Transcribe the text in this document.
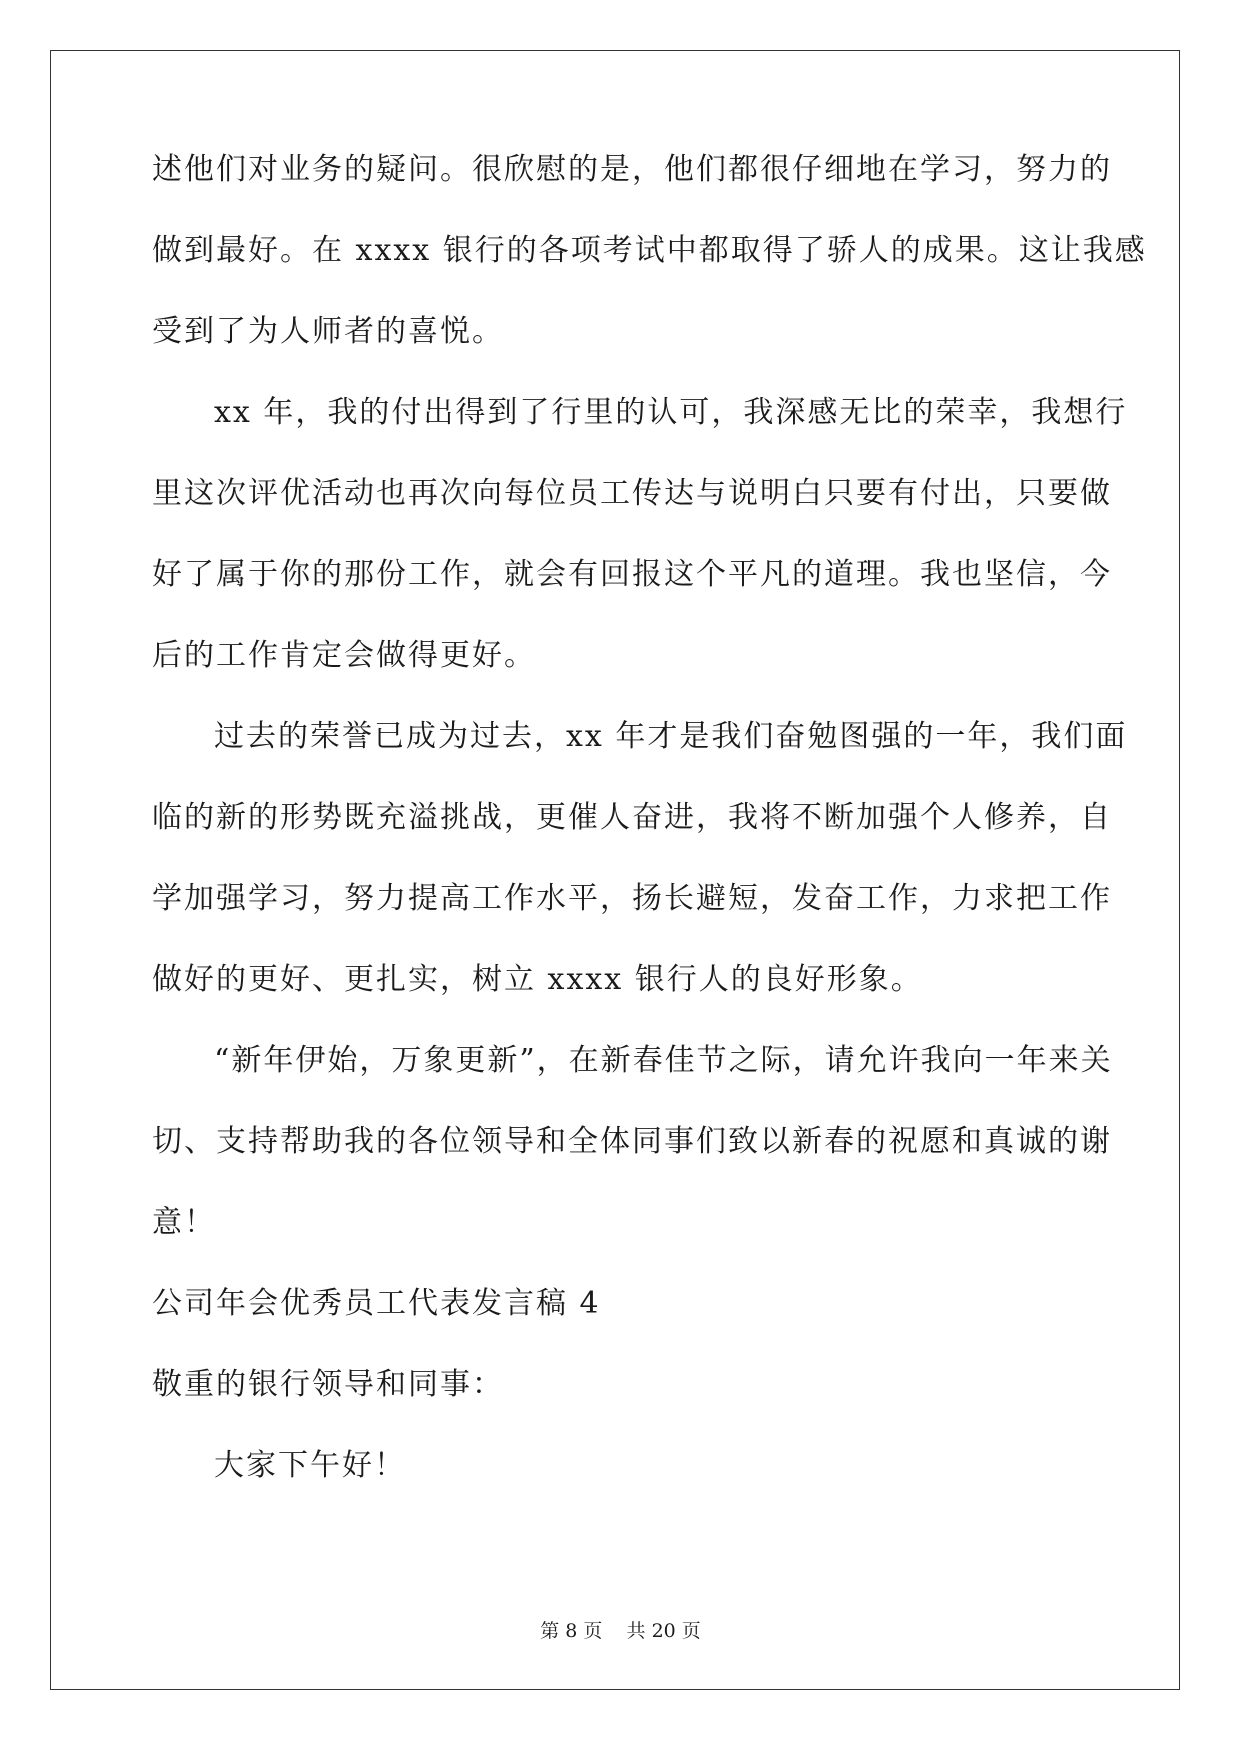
述他们对业务的疑问。很欣慰的是，他们都很仔细地在学习，努力的
做到最好。在 xxxx 银行的各项考试中都取得了骄人的成果。这让我感
受到了为人师者的喜悦。
xx 年，我的付出得到了行里的认可，我深感无比的荣幸，我想行
里这次评优活动也再次向每位员工传达与说明白只要有付出，只要做
好了属于你的那份工作，就会有回报这个平凡的道理。我也坚信，今
后的工作肯定会做得更好。
过去的荣誉已成为过去，xx 年才是我们奋勉图强的一年，我们面
临的新的形势既充溢挑战，更催人奋进，我将不断加强个人修养，自
学加强学习，努力提高工作水平，扬长避短，发奋工作，力求把工作
做好的更好、更扎实，树立 xxxx 银行人的良好形象。
“新年伊始，万象更新”，在新春佳节之际，请允许我向一年来关
切、支持帮助我的各位领导和全体同事们致以新春的祝愿和真诚的谢
意！
公司年会优秀员工代表发言稿 4
敬重的银行领导和同事：
大家下午好！
第 8 页    共 20 页
